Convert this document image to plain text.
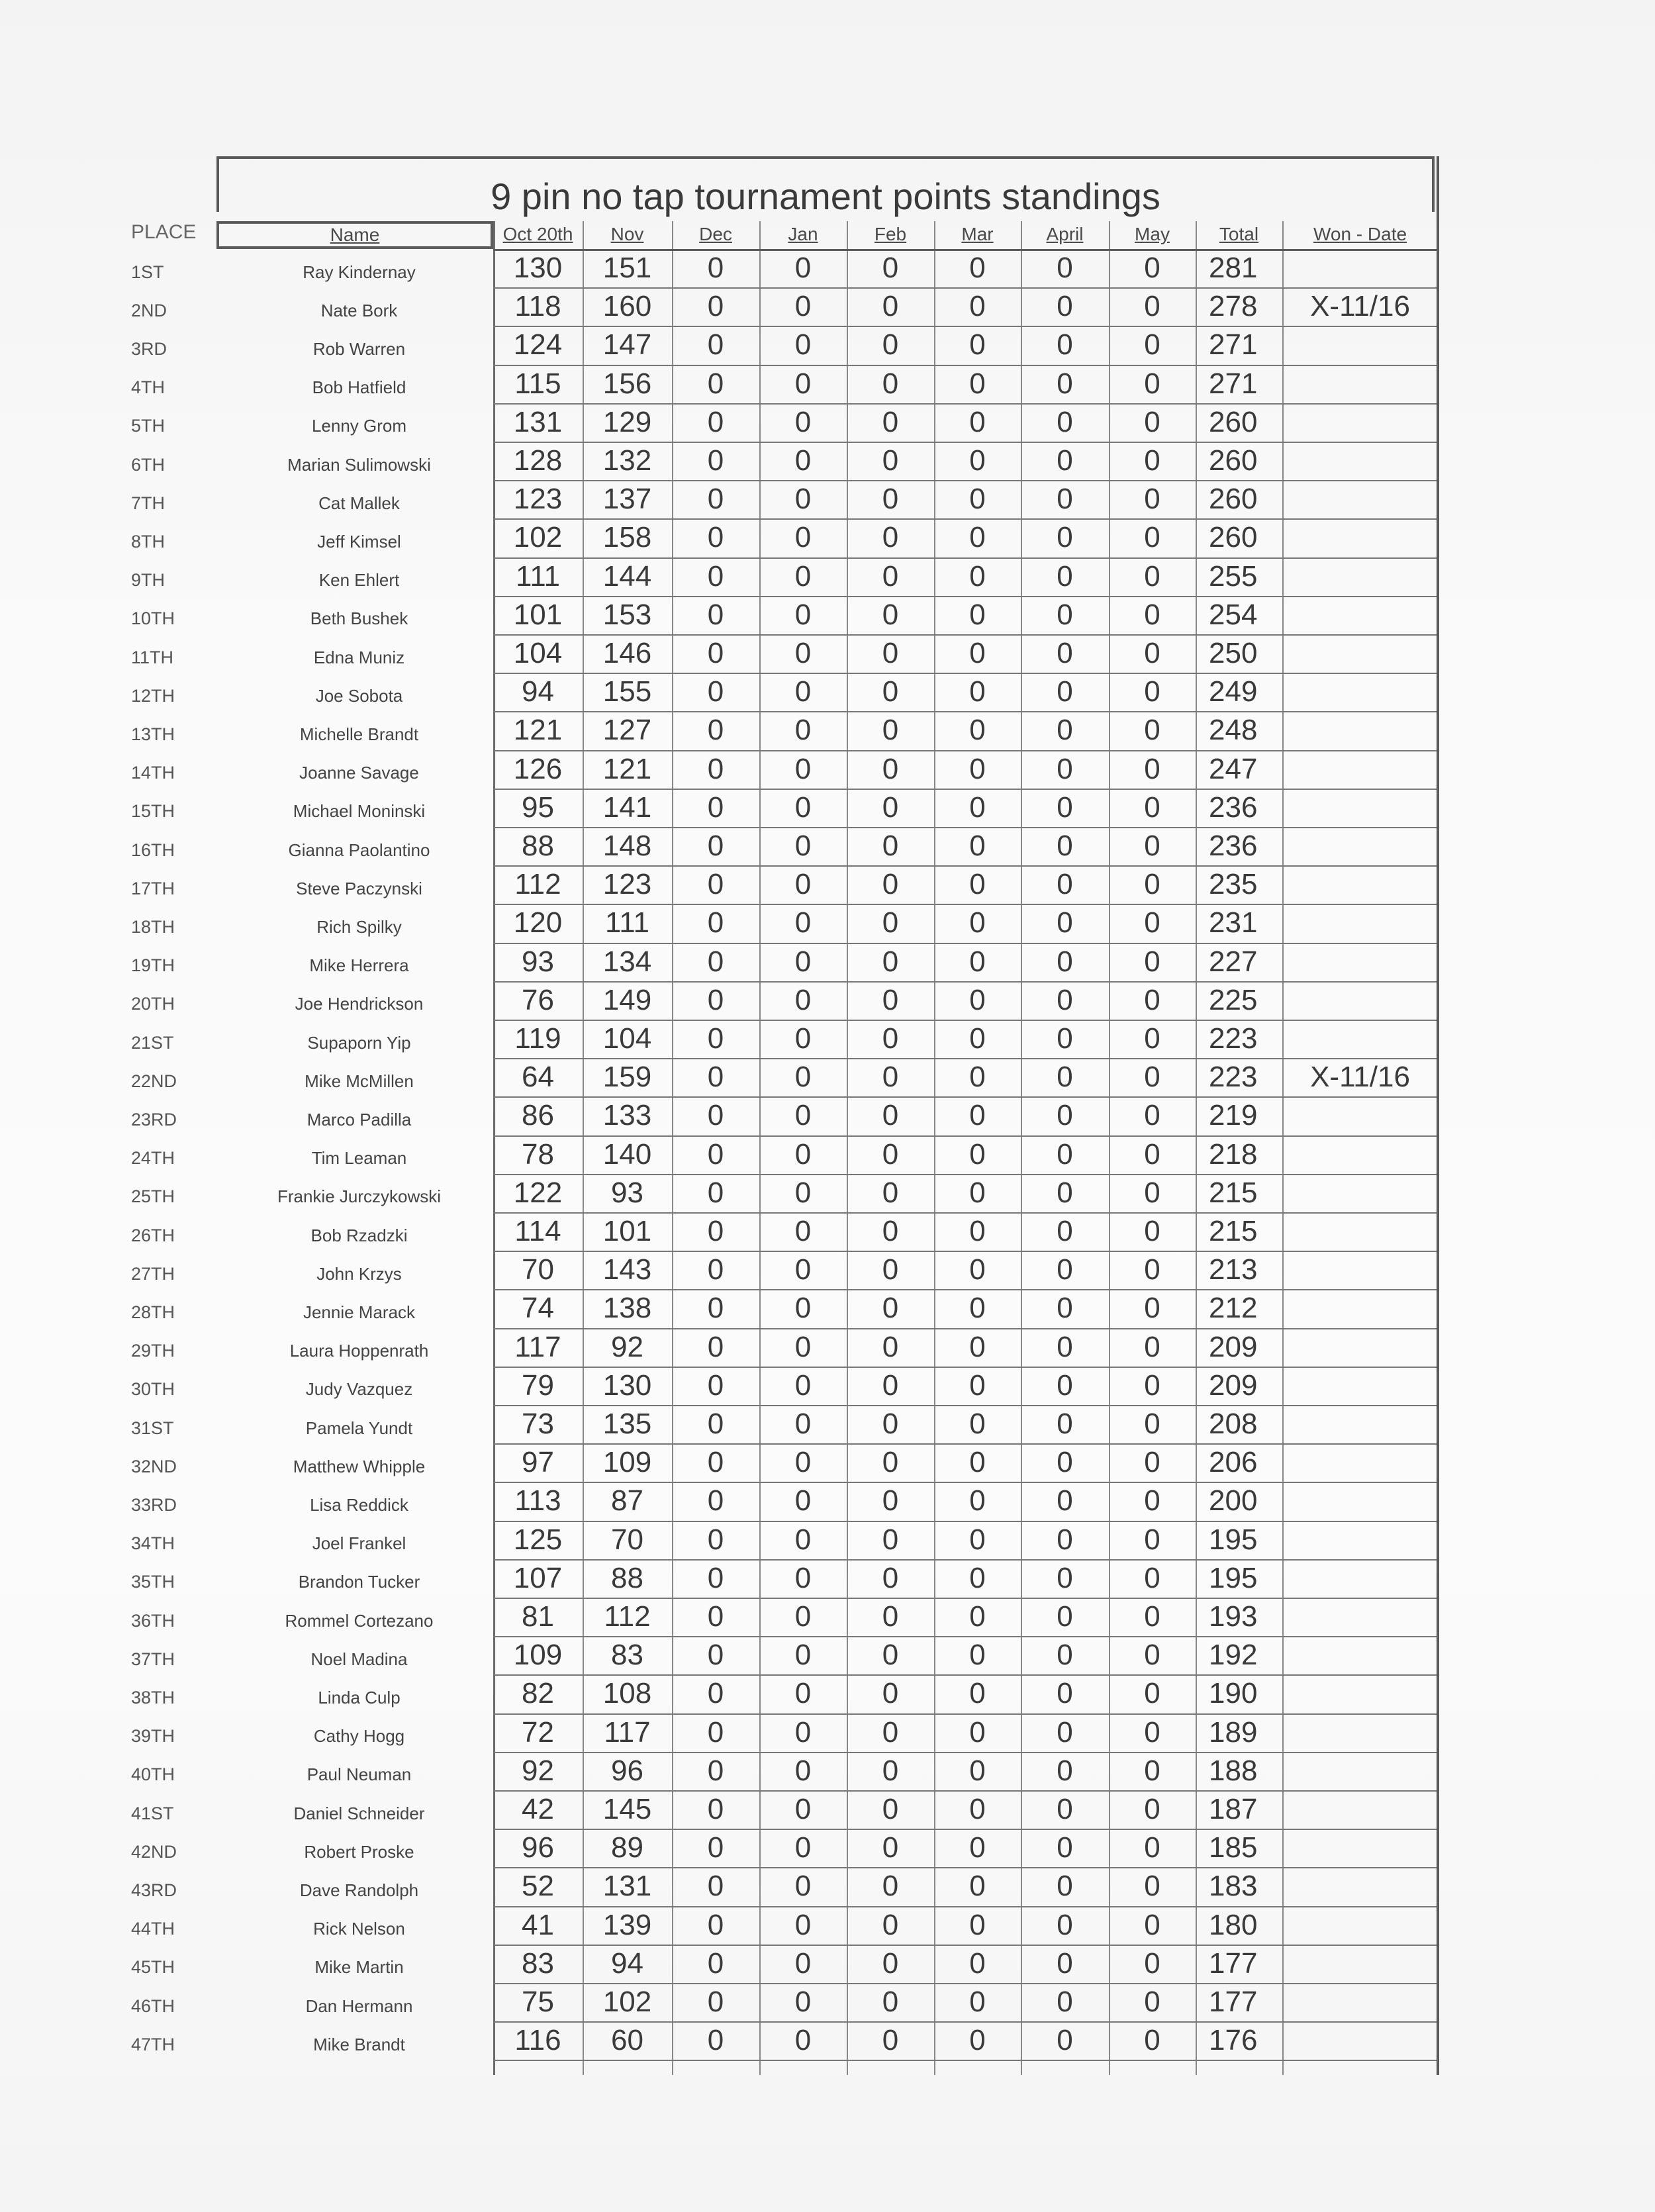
9 pin no tap tournament points standings
PLACE	Name	Oct 20th	Nov	Dec	Jan	Feb	Mar	April	May	Total	Won - Date
1ST	Ray Kindernay	130	151	0	0	0	0	0	0	281
2ND	Nate Bork	118	160	0	0	0	0	0	0	278	X-11/16
3RD	Rob Warren	124	147	0	0	0	0	0	0	271
4TH	Bob Hatfield	115	156	0	0	0	0	0	0	271
5TH	Lenny Grom	131	129	0	0	0	0	0	0	260
6TH	Marian Sulimowski	128	132	0	0	0	0	0	0	260
7TH	Cat Mallek	123	137	0	0	0	0	0	0	260
8TH	Jeff Kimsel	102	158	0	0	0	0	0	0	260
9TH	Ken Ehlert	111	144	0	0	0	0	0	0	255
10TH	Beth Bushek	101	153	0	0	0	0	0	0	254
11TH	Edna Muniz	104	146	0	0	0	0	0	0	250
12TH	Joe Sobota	94	155	0	0	0	0	0	0	249
13TH	Michelle Brandt	121	127	0	0	0	0	0	0	248
14TH	Joanne Savage	126	121	0	0	0	0	0	0	247
15TH	Michael Moninski	95	141	0	0	0	0	0	0	236
16TH	Gianna Paolantino	88	148	0	0	0	0	0	0	236
17TH	Steve Paczynski	112	123	0	0	0	0	0	0	235
18TH	Rich Spilky	120	111	0	0	0	0	0	0	231
19TH	Mike Herrera	93	134	0	0	0	0	0	0	227
20TH	Joe Hendrickson	76	149	0	0	0	0	0	0	225
21ST	Supaporn Yip	119	104	0	0	0	0	0	0	223
22ND	Mike McMillen	64	159	0	0	0	0	0	0	223	X-11/16
23RD	Marco Padilla	86	133	0	0	0	0	0	0	219
24TH	Tim Leaman	78	140	0	0	0	0	0	0	218
25TH	Frankie Jurczykowski	122	93	0	0	0	0	0	0	215
26TH	Bob Rzadzki	114	101	0	0	0	0	0	0	215
27TH	John Krzys	70	143	0	0	0	0	0	0	213
28TH	Jennie Marack	74	138	0	0	0	0	0	0	212
29TH	Laura Hoppenrath	117	92	0	0	0	0	0	0	209
30TH	Judy Vazquez	79	130	0	0	0	0	0	0	209
31ST	Pamela Yundt	73	135	0	0	0	0	0	0	208
32ND	Matthew Whipple	97	109	0	0	0	0	0	0	206
33RD	Lisa Reddick	113	87	0	0	0	0	0	0	200
34TH	Joel Frankel	125	70	0	0	0	0	0	0	195
35TH	Brandon Tucker	107	88	0	0	0	0	0	0	195
36TH	Rommel Cortezano	81	112	0	0	0	0	0	0	193
37TH	Noel Madina	109	83	0	0	0	0	0	0	192
38TH	Linda Culp	82	108	0	0	0	0	0	0	190
39TH	Cathy Hogg	72	117	0	0	0	0	0	0	189
40TH	Paul Neuman	92	96	0	0	0	0	0	0	188
41ST	Daniel Schneider	42	145	0	0	0	0	0	0	187
42ND	Robert Proske	96	89	0	0	0	0	0	0	185
43RD	Dave Randolph	52	131	0	0	0	0	0	0	183
44TH	Rick Nelson	41	139	0	0	0	0	0	0	180
45TH	Mike Martin	83	94	0	0	0	0	0	0	177
46TH	Dan Hermann	75	102	0	0	0	0	0	0	177
47TH	Mike Brandt	116	60	0	0	0	0	0	0	176
